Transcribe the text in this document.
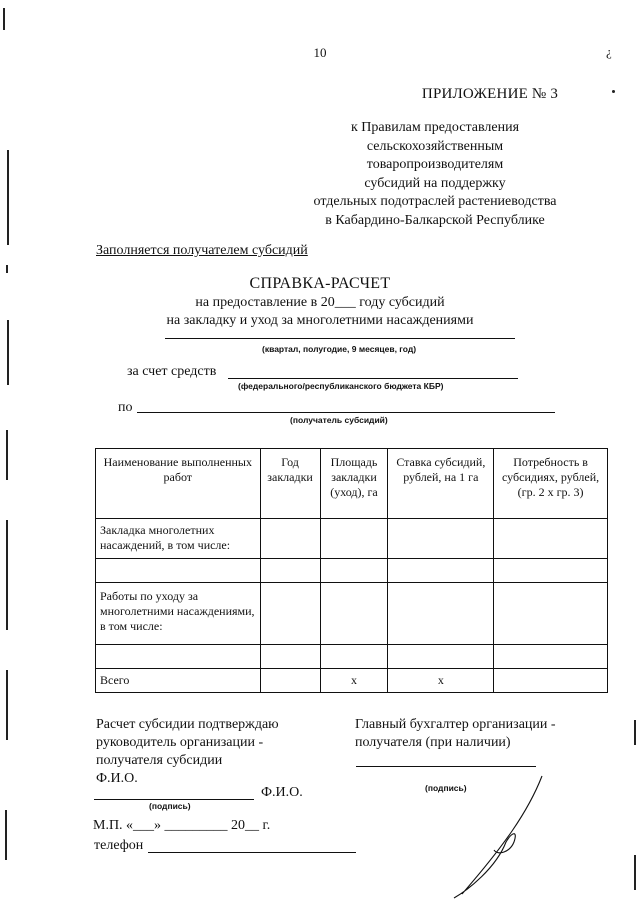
10	¿
ПРИЛОЖЕНИЕ № 3
к Правилам предоставления
сельскохозяйственным
товаропроизводителям
субсидий на поддержку
отдельных подотраслей растениеводства
в Кабардино-Балкарской Республике
Заполняется получателем субсидий
СПРАВКА-РАСЧЕТ
на предоставление в 20___ году субсидий
на закладку и уход за многолетними насаждениями
(квартал, полугодие, 9 месяцев, год)
за счет средств
(федерального/республиканского бюджета КБР)
по
(получатель субсидий)
Наименование выполненных работ	Год закладки	Площадь закладки (уход), га	Ставка субсидий, рублей, на 1 га	Потребность в субсидиях, рублей, (гр. 2 х гр. 3)
Закладка многолетних насаждений, в том числе:				

Работы по уходу за многолетними насаждениями, в том числе:				

Всего		х	х	
Расчет субсидии подтверждаю
руководитель организации -
получателя субсидии
Ф.И.О.
Ф.И.О.
(подпись)
М.П. «___» _________ 20__ г.
телефон
Главный бухгалтер организации -
получателя (при наличии)
(подпись)
